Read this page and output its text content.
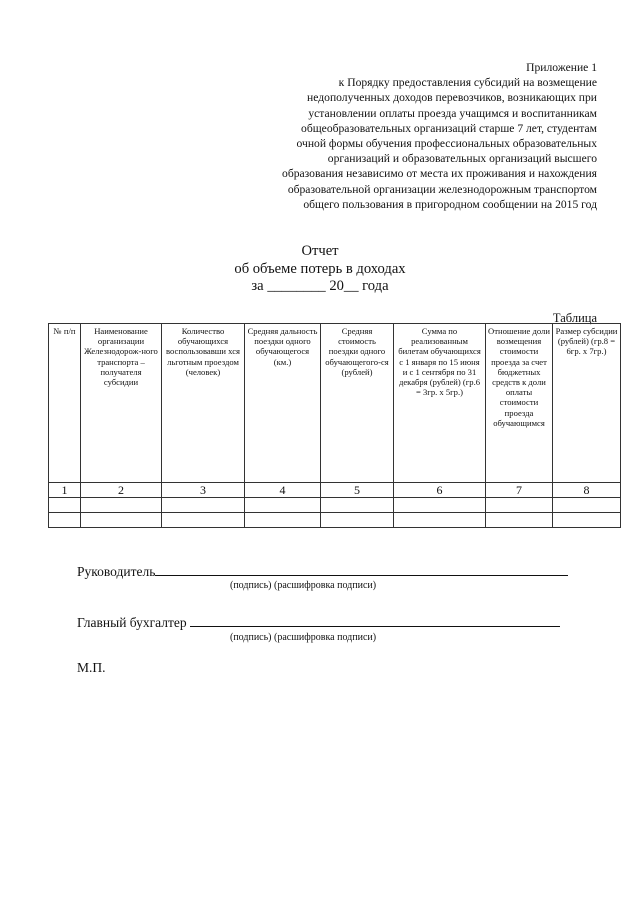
Приложение 1
к Порядку предоставления субсидий на возмещение
недополученных доходов перевозчиков, возникающих при
установлении оплаты проезда учащимся и воспитанникам
общеобразовательных организаций старше 7 лет, студентам
очной формы обучения профессиональных образовательных
организаций и образовательных организаций высшего
образования независимо от места их проживания и нахождения
образовательной организации железнодорожным транспортом
общего пользования в пригородном сообщении на 2015 год
Отчет
об объеме потерь в доходах
за ________ 20__ года
Таблица
№ п/п	Наименование организации Железнодорож-ного транспорта – получателя субсидии	Количество обучающихся воспользовавши хся льготным проездом (человек)	Средняя дальность поездки одного обучающегося (км.)	Средняя стоимость поездки одного обучающегого-ся (рублей)	Сумма по реализованным билетам обучающихся с 1 января по 15 июня и с 1 сентября по 31 декабря (рублей) (гр.6 = 3гр. х 5гр.)	Отношение доли возмещения стоимости проезда за счет бюджетных средств к доли оплаты стоимости проезда обучающимся	Размер субсидии (рублей) (гр.8 = 6гр. х 7гр.)
1	2	3	4	5	6	7	8

Руководитель
(подпись) (расшифровка подписи)
Главный бухгалтер
(подпись) (расшифровка подписи)
М.П.
